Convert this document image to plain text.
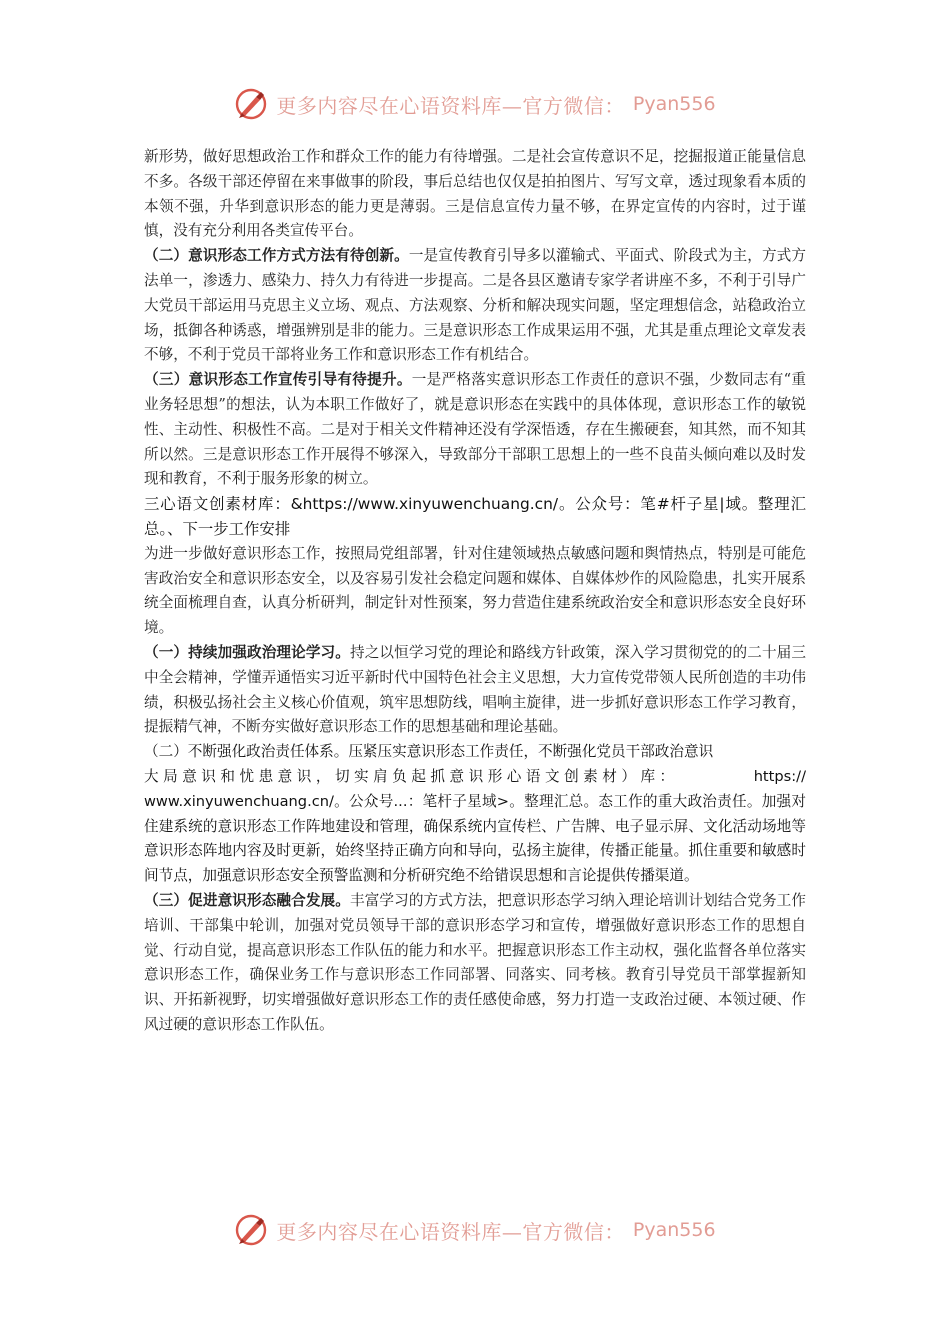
更多内容尽在心语资料库—官方微信： Pyan556

新形势，做好思想政治工作和群众工作的能力有待增强。二是社会宣传意识不足，挖掘报道正能量信息不多。各级干部还停留在来事做事的阶段，事后总结也仅仅是拍拍图片、写写文章，透过现象看本质的本领不强，升华到意识形态的能力更是薄弱。三是信息宣传力量不够，在界定宣传的内容时，过于谨慎，没有充分利用各类宣传平台。

（二）意识形态工作方式方法有待创新。一是宣传教育引导多以灌输式、平面式、阶段式为主，方式方法单一，渗透力、感染力、持久力有待进一步提高。二是各县区邀请专家学者讲座不多，不利于引导广大党员干部运用马克思主义立场、观点、方法观察、分析和解决现实问题，坚定理想信念，站稳政治立场，抵御各种诱惑，增强辨别是非的能力。三是意识形态工作成果运用不强，尤其是重点理论文章发表不够，不利于党员干部将业务工作和意识形态工作有机结合。

（三）意识形态工作宣传引导有待提升。一是严格落实意识形态工作责任的意识不强，少数同志有“重业务轻思想”的想法，认为本职工作做好了，就是意识形态在实践中的具体体现，意识形态工作的敏锐性、主动性、积极性不高。二是对于相关文件精神还没有学深悟透，存在生搬硬套，知其然，而不知其所以然。三是意识形态工作开展得不够深入，导致部分干部职工思想上的一些不良苗头倾向难以及时发现和教育，不利于服务形象的树立。

三心语文创素材库：&https://www.xinyuwenchuang.cn/。公众号：笔#杆子星|域。整理汇总。、下一步工作安排

为进一步做好意识形态工作，按照局党组部署，针对住建领域热点敏感问题和舆情热点，特别是可能危害政治安全和意识形态安全，以及容易引发社会稳定问题和媒体、自媒体炒作的风险隐患，扎实开展系统全面梳理自查，认真分析研判，制定针对性预案，努力营造住建系统政治安全和意识形态安全良好环境。

（一）持续加强政治理论学习。持之以恒学习党的理论和路线方针政策，深入学习贯彻党的的二十届三中全会精神，学懂弄通悟实习近平新时代中国特色社会主义思想，大力宣传党带领人民所创造的丰功伟绩，积极弘扬社会主义核心价值观，筑牢思想防线，唱响主旋律，进一步抓好意识形态工作学习教育，提振精气神，不断夯实做好意识形态工作的思想基础和理论基础。

（二）不断强化政治责任体系。压紧压实意识形态工作责任，不断强化党员干部政治意识
大局意识和忧患意识，切实肩负起抓意识形心语文创素材）库：	https://

www.xinyuwenchuang.cn/。公众号...：笔杆子星域>。整理汇总。态工作的重大政治责任。加强对住建系统的意识形态工作阵地建设和管理，确保系统内宣传栏、广告牌、电子显示屏、文化活动场地等意识形态阵地内容及时更新，始终坚持正确方向和导向，弘扬主旋律，传播正能量。抓住重要和敏感时间节点，加强意识形态安全预警监测和分析研究绝不给错误思想和言论提供传播渠道。

（三）促进意识形态融合发展。丰富学习的方式方法，把意识形态学习纳入理论培训计划结合党务工作培训、干部集中轮训，加强对党员领导干部的意识形态学习和宣传，增强做好意识形态工作的思想自觉、行动自觉，提高意识形态工作队伍的能力和水平。把握意识形态工作主动权，强化监督各单位落实意识形态工作，确保业务工作与意识形态工作同部署、同落实、同考核。教育引导党员干部掌握新知识、开拓新视野，切实增强做好意识形态工作的责任感使命感，努力打造一支政治过硬、本领过硬、作风过硬的意识形态工作队伍。

更多内容尽在心语资料库—官方微信： Pyan556
